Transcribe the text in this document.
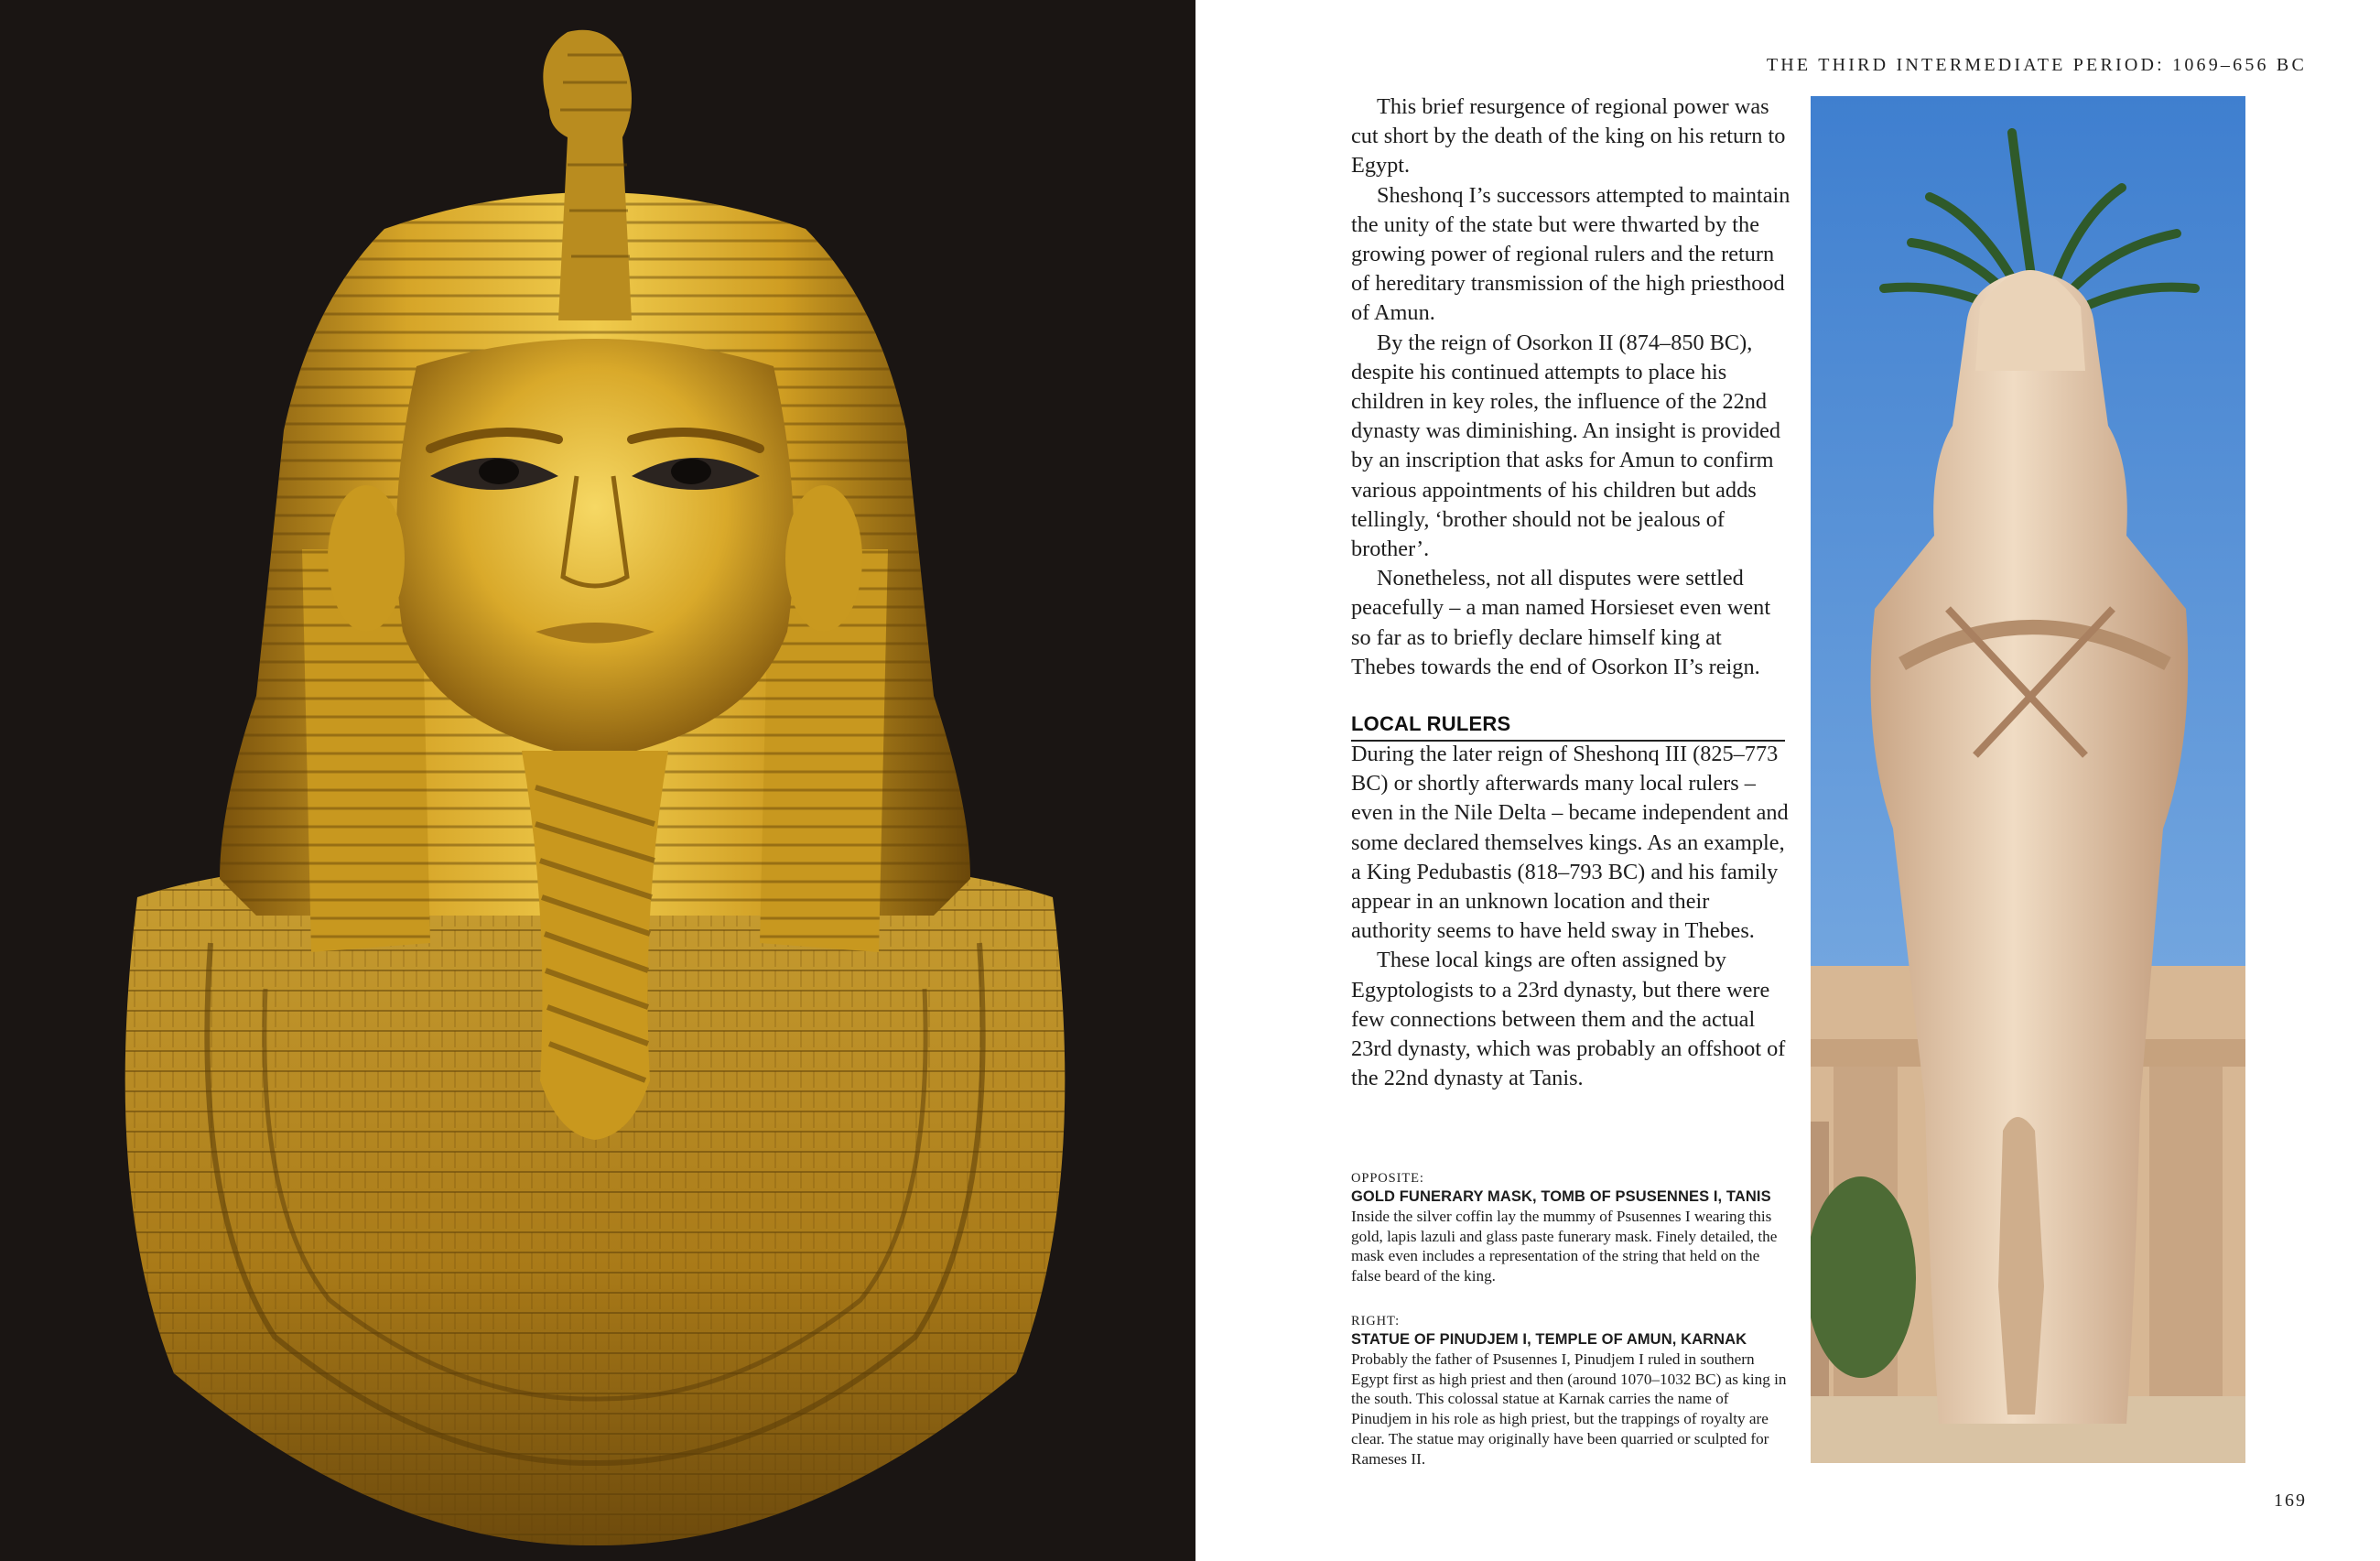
THE THIRD INTERMEDIATE PERIOD: 1069–656 BC

This brief resurgence of regional power was cut short by the death of the king on his return to Egypt.

Sheshonq I’s successors attempted to maintain the unity of the state but were thwarted by the growing power of regional rulers and the return of hereditary transmission of the high priesthood of Amun.

By the reign of Osorkon II (874–850 BC), despite his continued attempts to place his children in key roles, the influence of the 22nd dynasty was diminishing. An insight is provided by an inscription that asks for Amun to confirm various appointments of his children but adds tellingly, ‘brother should not be jealous of brother’.

Nonetheless, not all disputes were settled peacefully – a man named Horsieset even went so far as to briefly declare himself king at Thebes towards the end of Osorkon II’s reign.

LOCAL RULERS

During the later reign of Sheshonq III (825–773 BC) or shortly afterwards many local rulers – even in the Nile Delta – became independent and some declared themselves kings. As an example, a King Pedubastis (818–793 BC) and his family appear in an unknown location and their authority seems to have held sway in Thebes.

These local kings are often assigned by Egyptologists to a 23rd dynasty, but there were few connections between them and the actual 23rd dynasty, which was probably an offshoot of the 22nd dynasty at Tanis.

OPPOSITE:
GOLD FUNERARY MASK, TOMB OF PSUSENNES I, TANIS
Inside the silver coffin lay the mummy of Psusennes I wearing this gold, lapis lazuli and glass paste funerary mask. Finely detailed, the mask even includes a representation of the string that held on the false beard of the king.
RIGHT:
STATUE OF PINUDJEM I, TEMPLE OF AMUN, KARNAK
Probably the father of Psusennes I, Pinudjem I ruled in southern Egypt first as high priest and then (around 1070–1032 BC) as king in the south. This colossal statue at Karnak carries the name of Pinudjem in his role as high priest, but the trappings of royalty are clear. The statue may originally have been quarried or sculpted for Rameses II.
169
